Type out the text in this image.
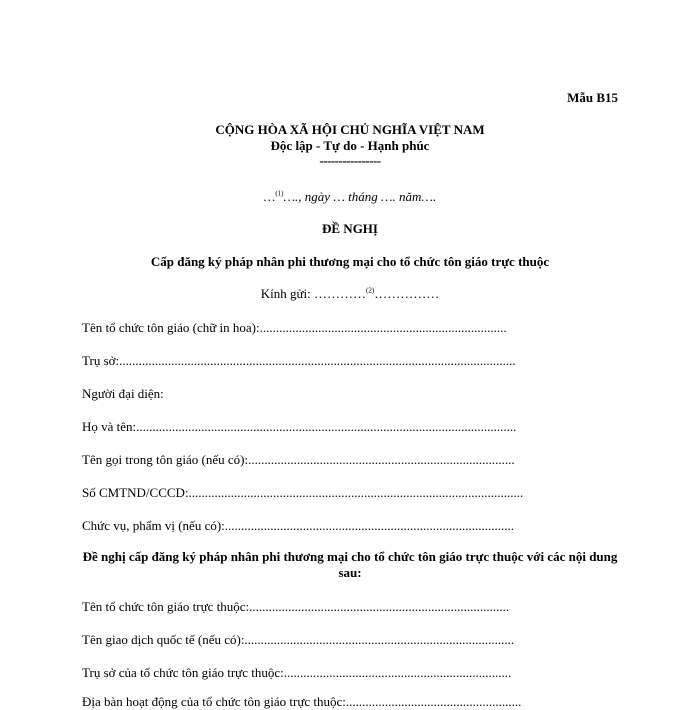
Mẫu B15
CỘNG HÒA XÃ HỘI CHỦ NGHĨA VIỆT NAM
Độc lập - Tự do - Hạnh phúc
----------------
…$^{(1)}$…., ngày … tháng …. năm….
ĐỀ NGHỊ
Cấp đăng ký pháp nhân phi thương mại cho tổ chức tôn giáo trực thuộc
Kính gửi: …………$^{(2)}$……………
Tên tổ chức tôn giáo (chữ in hoa):............................................................................
Trụ sở:..........................................................................................................................
Người đại diện:
Họ và tên:.....................................................................................................................
Tên gọi trong tôn giáo (nếu có):..................................................................................
Số CMTND/CCCD:.......................................................................................................
Chức vụ, phẩm vị (nếu có):.........................................................................................
Đề nghị cấp đăng ký pháp nhân phi thương mại cho tổ chức tôn giáo trực thuộc với các nội dung sau:
Tên tổ chức tôn giáo trực thuộc:................................................................................
Tên giao dịch quốc tế (nếu có):...................................................................................
Trụ sở của tổ chức tôn giáo trực thuộc:......................................................................
Địa bàn hoạt động của tổ chức tôn giáo trực thuộc:......................................................
